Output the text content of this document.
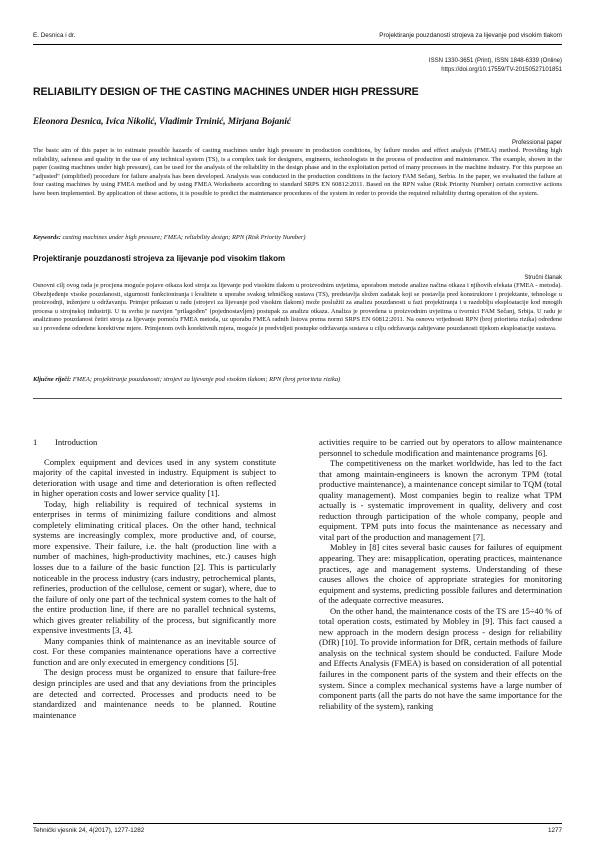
E. Desnica i dr.	Projektiranje pouzdanosti strojeva za lijevanje pod visokim tlakom
ISSN 1330-3651 (Print), ISSN 1848-6339 (Online)
https://doi.org/10.17559/TV-20150527101851
RELIABILITY DESIGN OF THE CASTING MACHINES UNDER HIGH PRESSURE
Eleonora Desnica, Ivica Nikolić, Vladimir Trninić, Mirjana Bojanić
Professional paper
The basic aim of this paper is to estimate possible hazards of casting machines under high pressure in production conditions, by failure modes and effect analysis (FMEA) method. Providing high reliability, safeness and quality in the use of any technical system (TS), is a complex task for designers, engineers, technologists in the process of production and maintenance. The example, shown in the paper (casting machines under high pressure), can be used for the analysis of the reliability in the design phase and in the exploitation period of many processes in the machine industry. For this purpose an "adjusted" (simplified) procedure for failure analysis has been developed. Analysis was conducted in the production conditions in the factory FAM Sečanj, Serbia. In the paper, we evaluated the failure at four casting machines by using FMEA method and by using FMEA Worksheets according to standard SRPS EN 60812:2011. Based on the RPN value (Risk Priority Number) certain corrective actions have been implemented. By application of these actions, it is possible to predict the maintenance procedures of the system in order to provide the required reliability during operation of the system.
Keywords: casting machines under high pressure; FMEA; reliability design; RPN (Risk Priority Number)
Projektiranje pouzdanosti strojeva za lijevanje pod visokim tlakom
Stručni članak
Osnovni cilj ovog rada je procjena moguće pojave otkaza kod stroja za lijevanje pod visokim tlakom u proizvodnim uvjetima, uporabom metode analize načina otkaza i njihovih efekata (FMEA - metoda). Obezbjeđenje visoke pouzdanosti, sigurnosti funkcioniranja i kvalitete u uporabe svakog tehničkog sustava (TS), predstavlja složen zadatak koji se postavlja pred konstruktore i projektante, tehnologe u proizvodnji, inženjere u održavanju. Primjer prikazan u radu (strojevi za lijevanje pod visokim tlakom) može poslužiti za analizu pouzdanosti u fazi projektiranja i u razdoblju eksploatacije kod mnogih procesa u strojnskoj industriji. U tu svrhu je razvijen "prilagođen" (pojednostavljen) postupak za analizu otkaza. Analiza je provedena u proizvodnim uvjetima u tvornici FAM Sečanj, Srbija. U radu je analizirano pouzdanost četiri stroja za lijevanje pomoću FMEA metoda, uz uporabu FMEA radnih listova prema normi SRPS EN 60812:2011. Na osnovu vrijednosti RPN (broj prioriteta rizika) određene su i provedene određene korektivne mjere. Primjenom ovih korektivnih mjera, moguće je predvidjeti postupke održavanja sustava u cilju održavanja zahtjevane pouzdanosti tijekom eksploatacije sustava.
Ključne riječi: FMEA; projektiranje pouzdanosti; strojevi za lijevanje pod visokim tlakom; RPN (broj prioriteta rizika)
1 Introduction

Complex equipment and devices used in any system constitute majority of the capital invested in industry. Equipment is subject to deterioration with usage and time and deterioration is often reflected in higher operation costs and lower service quality [1].

Today, high reliability is required of technical systems in enterprises in terms of minimizing failure conditions and almost completely eliminating critical places. On the other hand, technical systems are increasingly complex, more productive and, of course, more expensive. Their failure, i.e. the halt (production line with a number of machines, high-productivity machines, etc.) causes high losses due to a failure of the basic function [2]. This is particularly noticeable in the process industry (cars industry, petrochemical plants, refineries, production of the cellulose, cement or sugar), where, due to the failure of only one part of the technical system comes to the halt of the entire production line, if there are no parallel technical systems, which gives greater reliability of the process, but significantly more expensive investments [3, 4].

Many companies think of maintenance as an inevitable source of cost. For these companies maintenance operations have a corrective function and are only executed in emergency conditions [5].

The design process must be organized to ensure that failure-free design principles are used and that any deviations from the principles are detected and corrected. Processes and products need to be standardized and maintenance needs to be planned. Routine maintenance

activities require to be carried out by operators to allow maintenance personnel to schedule modification and maintenance programs [6].

The competitiveness on the market worldwide, has led to the fact that among maintain-engineers is known the acronym TPM (total productive maintenance), a maintenance concept similar to TQM (total quality management). Most companies begin to realize what TPM actually is - systematic improvement in quality, delivery and cost reduction through participation of the whole company, people and equipment. TPM puts into focus the maintenance as necessary and vital part of the production and management [7].

Mobley in [8] cites several basic causes for failures of equipment appearing. They are: misapplication, operating practices, maintenance practices, age and management systems. Understanding of these causes allows the choice of appropriate strategies for monitoring equipment and systems, predicting possible failures and determination of the adequate corrective measures.

On the other hand, the maintenance costs of the TS are 15÷40 % of total operation costs, estimated by Mobley in [9]. This fact caused a new approach in the modern design process - design for reliability (DfR) [10]. To provide information for DfR, certain methods of failure analysis on the technical system should be conducted. Failure Mode and Effects Analysis (FMEA) is based on consideration of all potential failures in the component parts of the system and their effects on the system. Since a complex mechanical systems have a large number of component parts (all the parts do not have the same importance for the reliability of the system), ranking

Tehnički vjesnik 24, 4(2017), 1277-1282	1277
